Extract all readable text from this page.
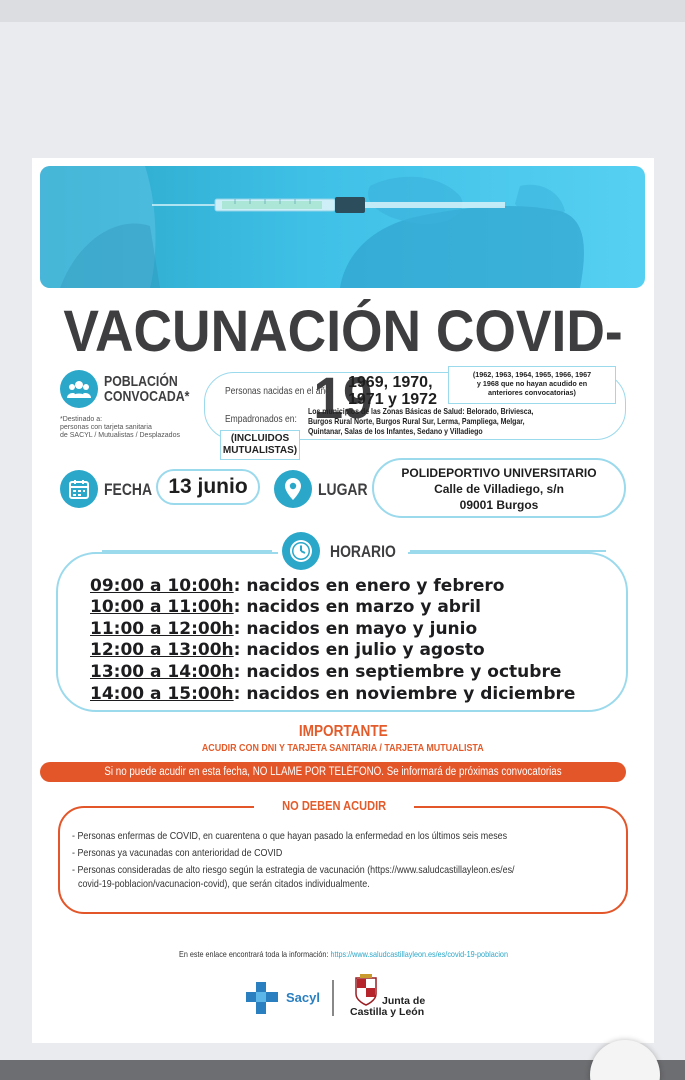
VACUNACIÓN COVID-19
POBLACIÓN
CONVOCADA*
*Destinado a:
personas con tarjeta sanitaria
de SACYL / Mutualistas / Desplazados
Personas nacidas en el año:
1969, 1970,
1971 y 1972
(1962, 1963, 1964, 1965, 1966, 1967
y 1968 que no hayan acudido en
anteriores convocatorias)
Empadronados en:
Los municipios de las Zonas Básicas de Salud: Belorado, Briviesca, Burgos Rural Norte, Burgos Rural Sur, Lerma, Pampliega, Melgar, Quintanar, Salas de los Infantes, Sedano y Villadiego
(INCLUIDOS
MUTUALISTAS)
FECHA 13 junio	LUGAR
POLIDEPORTIVO UNIVERSITARIO
Calle de Villadiego, s/n
09001 Burgos
HORARIO
09:00 a 10:00h: nacidos en enero y febrero
10:00 a 11:00h: nacidos en marzo y abril
11:00 a 12:00h: nacidos en mayo y junio
12:00 a 13:00h: nacidos en julio y agosto
13:00 a 14:00h: nacidos en septiembre y octubre
14:00 a 15:00h: nacidos en noviembre y diciembre
IMPORTANTE
ACUDIR CON DNI Y TARJETA SANITARIA / TARJETA MUTUALISTA
Si no puede acudir en esta fecha, NO LLAME POR TELÉFONO. Se informará de próximas convocatorias
NO DEBEN ACUDIR
- Personas enfermas de COVID, en cuarentena o que hayan pasado la enfermedad en los últimos seis meses
- Personas ya vacunadas con anterioridad de COVID
- Personas consideradas de alto riesgo según la estrategia de vacunación (https://www.saludcastillayleon.es/es/
covid-19-poblacion/vacunacion-covid), que serán citados individualmente.
En este enlace encontrará toda la información: https://www.saludcastillayleon.es/es/covid-19-poblacion
Sacyl	Junta de
Castilla y León
